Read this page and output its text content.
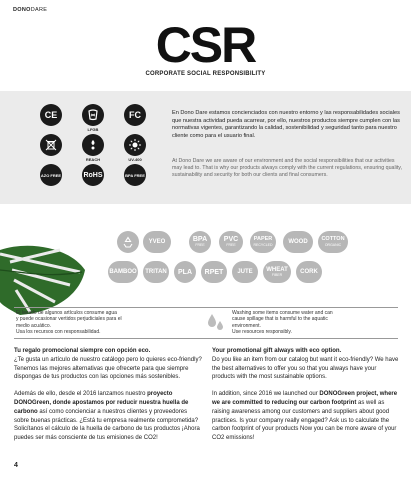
DONODARE
CSR
CORPORATE SOCIAL RESPONSIBILITY
CE
LFGB
FC
REACH	UV-400
AZO FREE	RoHS	BPA FREE
En Dono Dare estamos concienciados con nuestro entorno y las responsabilidades sociales que nuestra actividad pueda acarrear, por ello, nuestros productos siempre cumplen con las normativas vigentes, garantizando la calidad, sostenibilidad y seguridad tanto para nuestro cliente como para el usuario final.
At Dono Dare we are aware of our environment and the social responsibilities that our activities may lead to. That is why our products always comply with the current regulations, ensuring quality, sustainability and security for both our clients and final consumers.
YVEO	BPA
FREE
PVC
FREE
PAPER
RECYCLED	WOOD	COTTON
ORGANIC
BAMBOO TRITAN PLA RPET JUTE WHEAT
FIBER	CORK
El lavado de algunos artículos consume agua
y puede ocasionar vertidos perjudiciales para el
medio acuático.
Usa los recursos con responsabilidad.
Washing some items consume water and can
cause spillage that is harmful to the aquatic
environment.
Use resources responsibly.
Tu regalo promocional siempre con opción eco.

¿Te gusta un artículo de nuestro catálogo pero lo quieres eco-friendly? Tenemos las mejores alternativas que ofrecerte para que siempre dispongas de tus productos con las opciones más sostenibles.

Además de ello, desde el 2016 lanzamos nuestro proyecto DONOGreen, donde apostamos por reducir nuestra huella de carbono así como concienciar a nuestros clientes y proveedores sobre buenas prácticas. ¿Está tu empresa realmente comprometida? Solicítanos el cálculo de la huella de carbono de tus productos ¡Ahora puedes ser más consciente de tus emisiones de CO2!

Your promotional gift always with eco option.

Do you like an item from our catalog but want it eco-friendly? We have the best alternatives to offer you so that you always have your products with the most sustainable options.

In addition, since 2016 we launched our DONOGreen project, where we are committed to reducing our carbon footprint as well as raising awareness among our customers and suppliers about good practices. Is your company really engaged? Ask us to calculate the carbon footprint of your products Now you can be more aware of your CO2 emissions!

4
